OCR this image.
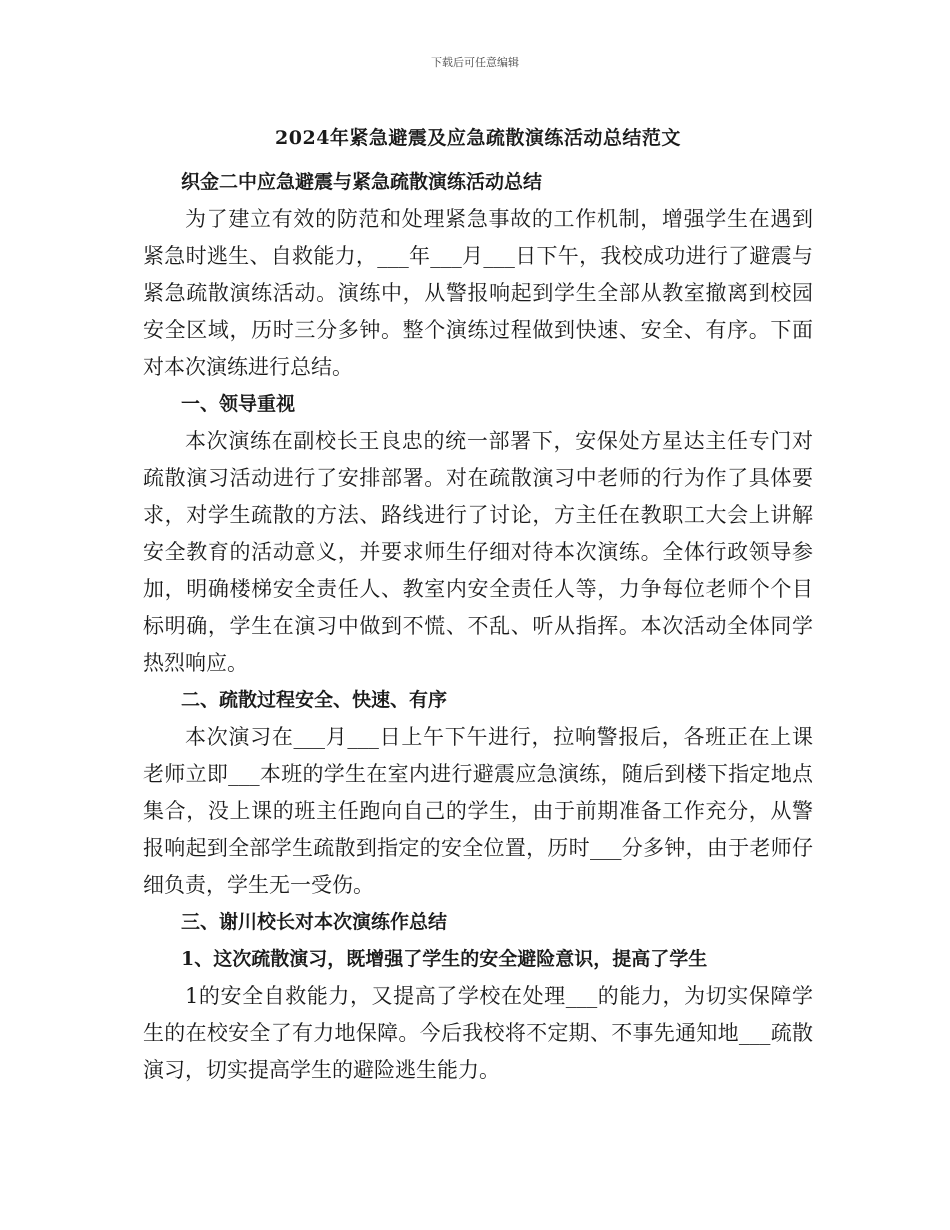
下载后可任意编辑
2024年紧急避震及应急疏散演练活动总结范文

织金二中应急避震与紧急疏散演练活动总结

为了建立有效的防范和处理紧急事故的工作机制，增强学生在遇到紧急时逃生、自救能力，___年___月___日下午，我校成功进行了避震与紧急疏散演练活动。演练中，从警报响起到学生全部从教室撤离到校园安全区域，历时三分多钟。整个演练过程做到快速、安全、有序。下面对本次演练进行总结。

一、领导重视

本次演练在副校长王良忠的统一部署下，安保处方星达主任专门对疏散演习活动进行了安排部署。对在疏散演习中老师的行为作了具体要求，对学生疏散的方法、路线进行了讨论，方主任在教职工大会上讲解安全教育的活动意义，并要求师生仔细对待本次演练。全体行政领导参加，明确楼梯安全责任人、教室内安全责任人等，力争每位老师个个目标明确，学生在演习中做到不慌、不乱、听从指挥。本次活动全体同学热烈响应。

二、疏散过程安全、快速、有序

本次演习在___月___日上午下午进行，拉响警报后，各班正在上课老师立即___本班的学生在室内进行避震应急演练，随后到楼下指定地点集合，没上课的班主任跑向自己的学生，由于前期准备工作充分，从警报响起到全部学生疏散到指定的安全位置，历时___分多钟，由于老师仔细负责，学生无一受伤。

三、谢川校长对本次演练作总结

1、这次疏散演习，既增强了学生的安全避险意识，提高了学生

1的安全自救能力，又提高了学校在处理___的能力，为切实保障学生的在校安全了有力地保障。今后我校将不定期、不事先通知地___疏散演习，切实提高学生的避险逃生能力。
